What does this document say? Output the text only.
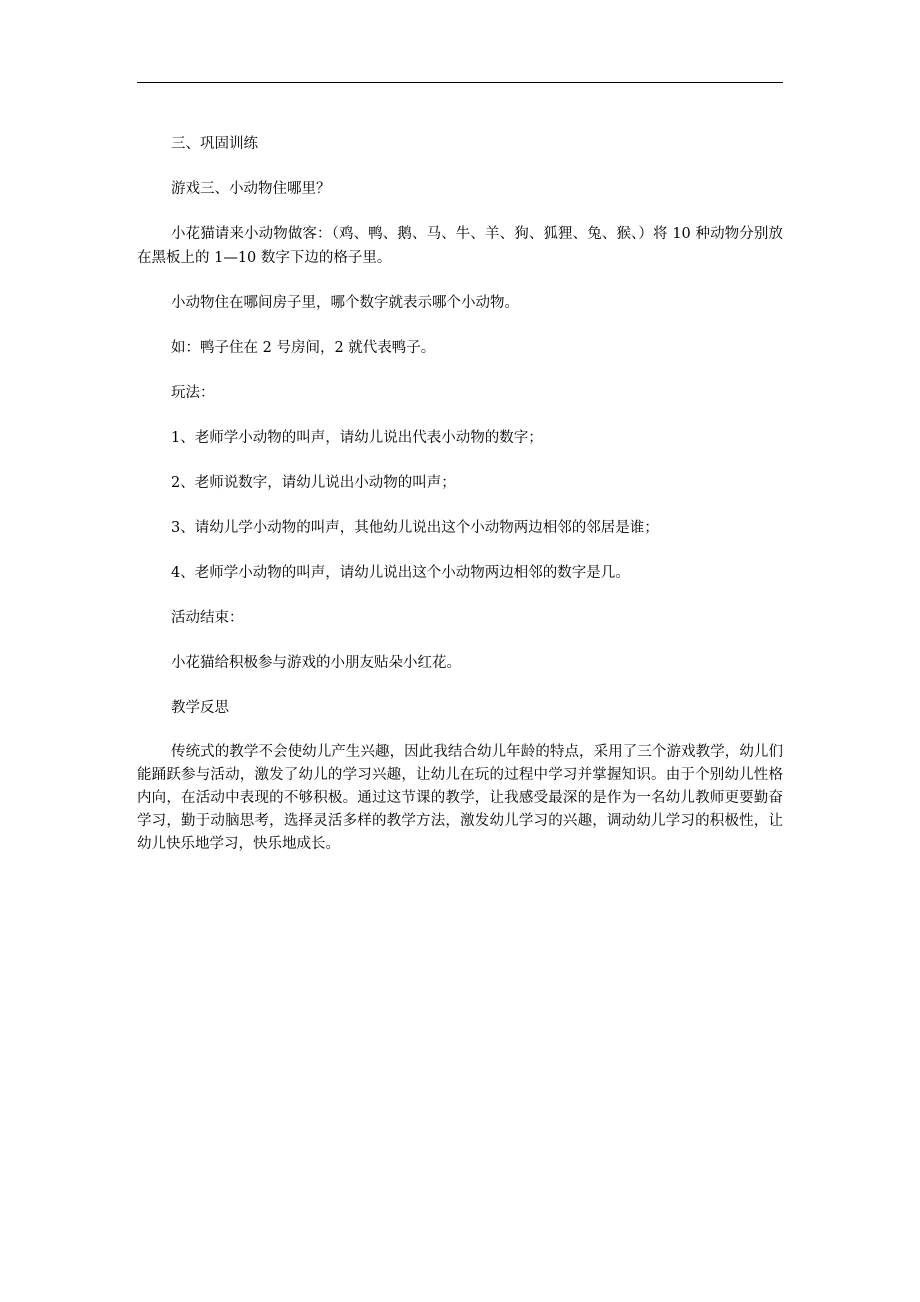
三、巩固训练

游戏三、小动物住哪里？

小花猫请来小动物做客：（鸡、鸭、鹅、马、牛、羊、狗、狐狸、兔、猴、）将 10 种动物分别放在黑板上的 1—10 数字下边的格子里。

小动物住在哪间房子里，哪个数字就表示哪个小动物。

如：鸭子住在 2 号房间，2 就代表鸭子。

玩法：

1、老师学小动物的叫声，请幼儿说出代表小动物的数字；

2、老师说数字，请幼儿说出小动物的叫声；

3、请幼儿学小动物的叫声，其他幼儿说出这个小动物两边相邻的邻居是谁；

4、老师学小动物的叫声，请幼儿说出这个小动物两边相邻的数字是几。

活动结束：

小花猫给积极参与游戏的小朋友贴朵小红花。

教学反思

传统式的教学不会使幼儿产生兴趣，因此我结合幼儿年龄的特点，采用了三个游戏教学，幼儿们能踊跃参与活动，激发了幼儿的学习兴趣，让幼儿在玩的过程中学习并掌握知识。由于个别幼儿性格内向，在活动中表现的不够积极。通过这节课的教学，让我感受最深的是作为一名幼儿教师更要勤奋学习，勤于动脑思考，选择灵活多样的教学方法，激发幼儿学习的兴趣，调动幼儿学习的积极性，让幼儿快乐地学习，快乐地成长。
